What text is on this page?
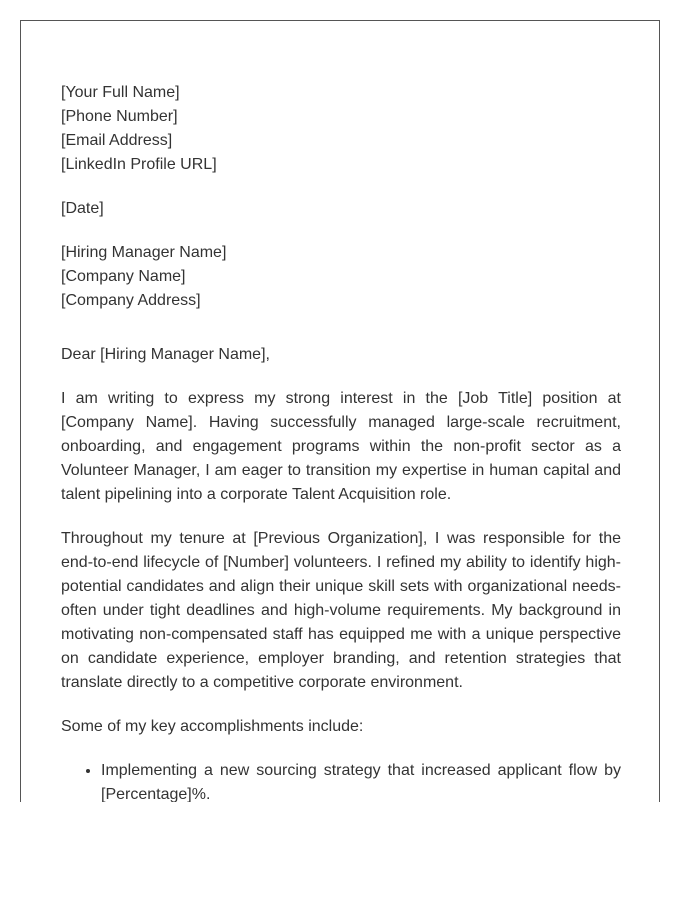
[Your Full Name]
[Phone Number]
[Email Address]
[LinkedIn Profile URL]
[Date]
[Hiring Manager Name]
[Company Name]
[Company Address]

Dear [Hiring Manager Name],

I am writing to express my strong interest in the [Job Title] position at [Company Name]. Having successfully managed large-scale recruitment, onboarding, and engagement programs within the non-profit sector as a Volunteer Manager, I am eager to transition my expertise in human capital and talent pipelining into a corporate Talent Acquisition role.

Throughout my tenure at [Previous Organization], I was responsible for the end-to-end lifecycle of [Number] volunteers. I refined my ability to identify high-potential candidates and align their unique skill sets with organizational needs-often under tight deadlines and high-volume requirements. My background in motivating non-compensated staff has equipped me with a unique perspective on candidate experience, employer branding, and retention strategies that translate directly to a competitive corporate environment.

Some of my key accomplishments include:

• Implementing a new sourcing strategy that increased applicant flow by [Percentage]%.
